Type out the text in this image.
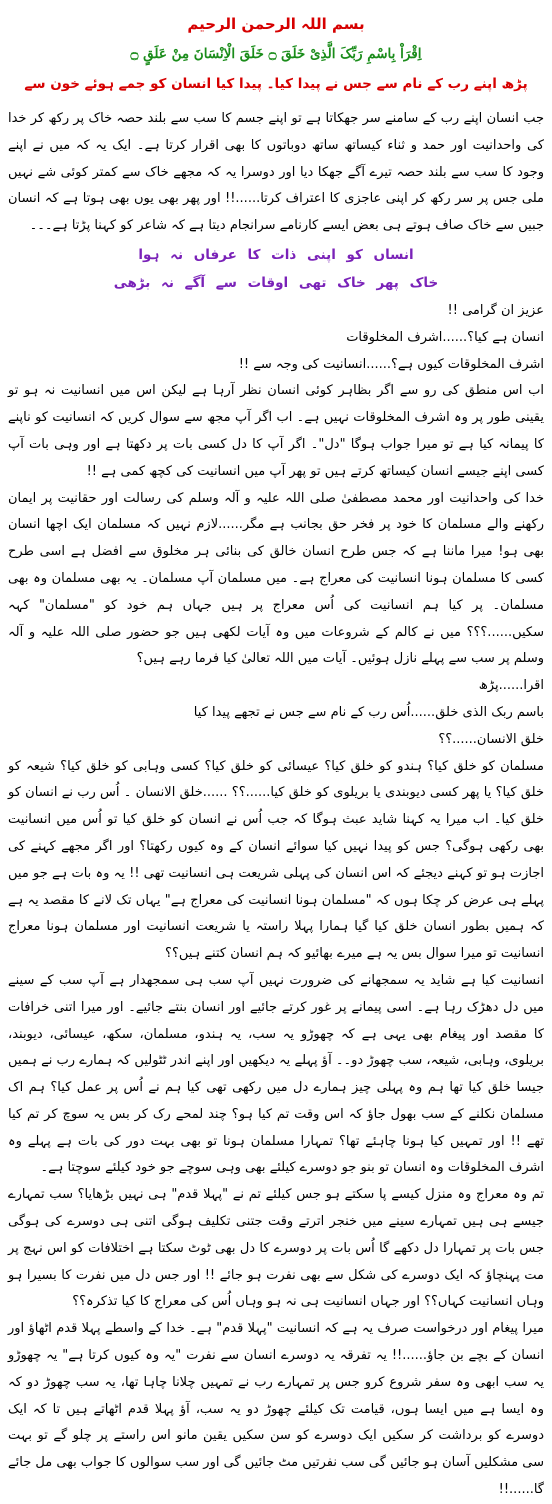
بسم اللہ الرحمن الرحیم
اِقْرَاْ بِاسْمِ رَبِّکَ الَّذِیْ خَلَقَ ۝ خَلَقَ الْاِنْسَانَ مِنْ عَلَقٍ ۝
پڑھ اپنے رب کے نام سے جس نے پیدا کیا۔ پیدا کیا انسان کو جمے ہوئے خون سے

جب انسان اپنے رب کے سامنے سر جھکاتا ہے تو اپنے جسم کا سب سے بلند حصہ خاک پر رکھ کر خدا کی واحدانیت اور حمد و ثناء کیساتھ ساتھ دوباتوں کا بھی اقرار کرتا ہے۔ ایک یہ کہ میں نے اپنے وجود کا سب سے بلند حصہ تیرے آگے جھکا دیا اور دوسرا یہ کہ مجھے خاک سے کمتر کوئی شے نہیں ملی جس پر سر رکھ کر اپنی عاجزی کا اعتراف کرتا......!! اور پھر بھی یوں بھی ہوتا ہے کہ انسان جبیں سے خاک صاف ہوتے ہی بعض ایسے کارنامے سرانجام دیتا ہے کہ شاعر کو کہنا پڑتا ہے۔۔۔

انساں کو اپنی ذات کا عرفاں نہ ہوا
خاک پھر خاک تھی اوقات سے آگے نہ بڑھی

عزیز ان گرامی !!

انسان ہے کیا؟......اشرف المخلوقات

اشرف المخلوقات کیوں ہے؟......انسانیت کی وجہ سے !!

اب اس منطق کی رو سے اگر بظاہر کوئی انسان نظر آرہا ہے لیکن اس میں انسانیت نہ ہو تو یقینی طور پر وہ اشرف المخلوقات نہیں ہے۔ اب اگر آپ مجھ سے سوال کریں کہ انسانیت کو ناپنے کا پیمانہ کیا ہے تو میرا جواب ہوگا "دل"۔ اگر آپ کا دل کسی بات پر دکھتا ہے اور وہی بات آپ کسی اپنے جیسے انسان کیساتھ کرتے ہیں تو پھر آپ میں انسانیت کی کچھ کمی ہے !!

خدا کی واحدانیت اور محمد مصطفیٰ صلی اللہ علیہ و آلہ وسلم کی رسالت اور حقانیت پر ایمان رکھنے والے مسلمان کا خود پر فخر حق بجانب ہے مگر......لازم نہیں کہ مسلمان ایک اچھا انسان بھی ہو! میرا ماننا ہے کہ جس طرح انسان خالق کی بنائی ہر مخلوق سے افضل ہے اسی طرح کسی کا مسلمان ہونا انسانیت کی معراج ہے۔ میں مسلمان آپ مسلمان۔ یہ بھی مسلمان وہ بھی مسلمان۔ پر کیا ہم انسانیت کی اُس معراج پر ہیں جہاں ہم خود کو "مسلمان" کہہ سکیں......؟؟؟ میں نے کالم کے شروعات میں وہ آیات لکھی ہیں جو حضور صلی اللہ علیہ و آلہ وسلم پر سب سے پہلے نازل ہوئیں۔ آیات میں اللہ تعالیٰ کیا فرما رہے ہیں؟

اقرا......پڑھ

باسم ربک الذی خلق......اُس رب کے نام سے جس نے تجھے پیدا کیا

خلق الانسان......؟؟

مسلمان کو خلق کیا؟ ہندو کو خلق کیا؟ عیسائی کو خلق کیا؟ کسی وہابی کو خلق کیا؟ شیعہ کو خلق کیا؟ یا پھر کسی دیوبندی یا بریلوی کو خلق کیا......؟؟ ......خلق الانسان ۔ اُس رب نے انسان کو خلق کیا۔ اب میرا یہ کہنا شاید عبث ہوگا کہ جب اُس نے انسان کو خلق کیا تو اُس میں انسانیت بھی رکھی ہوگی؟ جس کو پیدا نہیں کیا سوائے انسان کے وہ کیوں رکھتا؟ اور اگر مجھے کہنے کی اجازت ہو تو کہنے دیجئے کہ اس انسان کی پہلی شریعت ہی انسانیت تھی !! یہ وہ بات ہے جو میں پہلے ہی عرض کر چکا ہوں کہ "مسلمان ہونا انسانیت کی معراج ہے" یہاں تک لانے کا مقصد یہ ہے کہ ہمیں بطور انسان خلق کیا گیا ہمارا پہلا راستہ یا شریعت انسانیت اور مسلمان ہونا معراج انسانیت تو میرا سوال بس یہ ہے میرے بھائیو کہ ہم انسان کتنے ہیں؟؟

انسانیت کیا ہے شاید یہ سمجھانے کی ضرورت نہیں آپ سب ہی سمجھدار ہے آپ سب کے سینے میں دل دھڑک رہا ہے۔ اسی پیمانے پر غور کرتے جائیے اور انسان بنتے جائیے۔ اور میرا اتنی خرافات کا مقصد اور پیغام بھی یہی ہے کہ چھوڑو یہ سب، یہ ہندو، مسلمان، سکھ، عیسائی، دیوبند، بریلوی، وہابی، شیعہ، سب چھوڑ دو۔۔ آؤ پہلے یہ دیکھیں اور اپنے اندر ٹٹولیں کہ ہمارے رب نے ہمیں جیسا خلق کیا تھا ہم وہ پہلی چیز ہمارے دل میں رکھی تھی کیا ہم نے اُس پر عمل کیا؟ ہم اک مسلمان نکلنے کے سب بھول جاؤ کہ اس وقت تم کیا ہو؟ چند لمحے رک کر بس یہ سوچ کر تم کیا تھے !! اور تمہیں کیا ہونا چاہئے تھا؟ تمہارا مسلمان ہونا تو بھی بہت دور کی بات ہے پہلے وہ اشرف المخلوقات وہ انسان تو بنو جو دوسرے کیلئے بھی وہی سوچے جو خود کیلئے سوچتا ہے۔

تم وہ معراج وہ منزل کیسے پا سکتے ہو جس کیلئے تم نے "پہلا قدم" ہی نہیں بڑھایا؟ سب تمہارے جیسے ہی ہیں تمہارے سینے میں خنجر اترتے وقت جتنی تکلیف ہوگی اتنی ہی دوسرے کی ہوگی جس بات پر تمہارا دل دکھے گا اُس بات پر دوسرے کا دل بھی ٹوٹ سکتا ہے اختلافات کو اس نہج پر مت پہنچاؤ کہ ایک دوسرے کی شکل سے بھی نفرت ہو جائے !! اور جس دل میں نفرت کا بسیرا ہو وہاں انسانیت کہاں؟؟ اور جہاں انسانیت ہی نہ ہو وہاں اُس کی معراج کا کیا تذکرہ؟؟

میرا پیغام اور درخواست صرف یہ ہے کہ انسانیت "پہلا قدم" ہے۔ خدا کے واسطے پہلا قدم اٹھاؤ اور انسان کے بچے بن جاؤ......!! یہ تفرقہ یہ دوسرے انسان سے نفرت "یہ وہ کیوں کرتا ہے" یہ چھوڑو یہ سب ابھی وہ سفر شروع کرو جس پر تمہارے رب نے تمہیں چلانا چاہا تھا، یہ سب چھوڑ دو کہ وہ ایسا ہے میں ایسا ہوں، قیامت تک کیلئے چھوڑ دو یہ سب، آؤ پہلا قدم اٹھاتے ہیں تا کہ ایک دوسرے کو برداشت کر سکیں ایک دوسرے کو سن سکیں یقین مانو اس راستے پر چلو گے تو بہت سی مشکلیں آسان ہو جائیں گی سب نفرتیں مٹ جائیں گی اور سب سوالوں کا جواب بھی مل جائے گا......!!
